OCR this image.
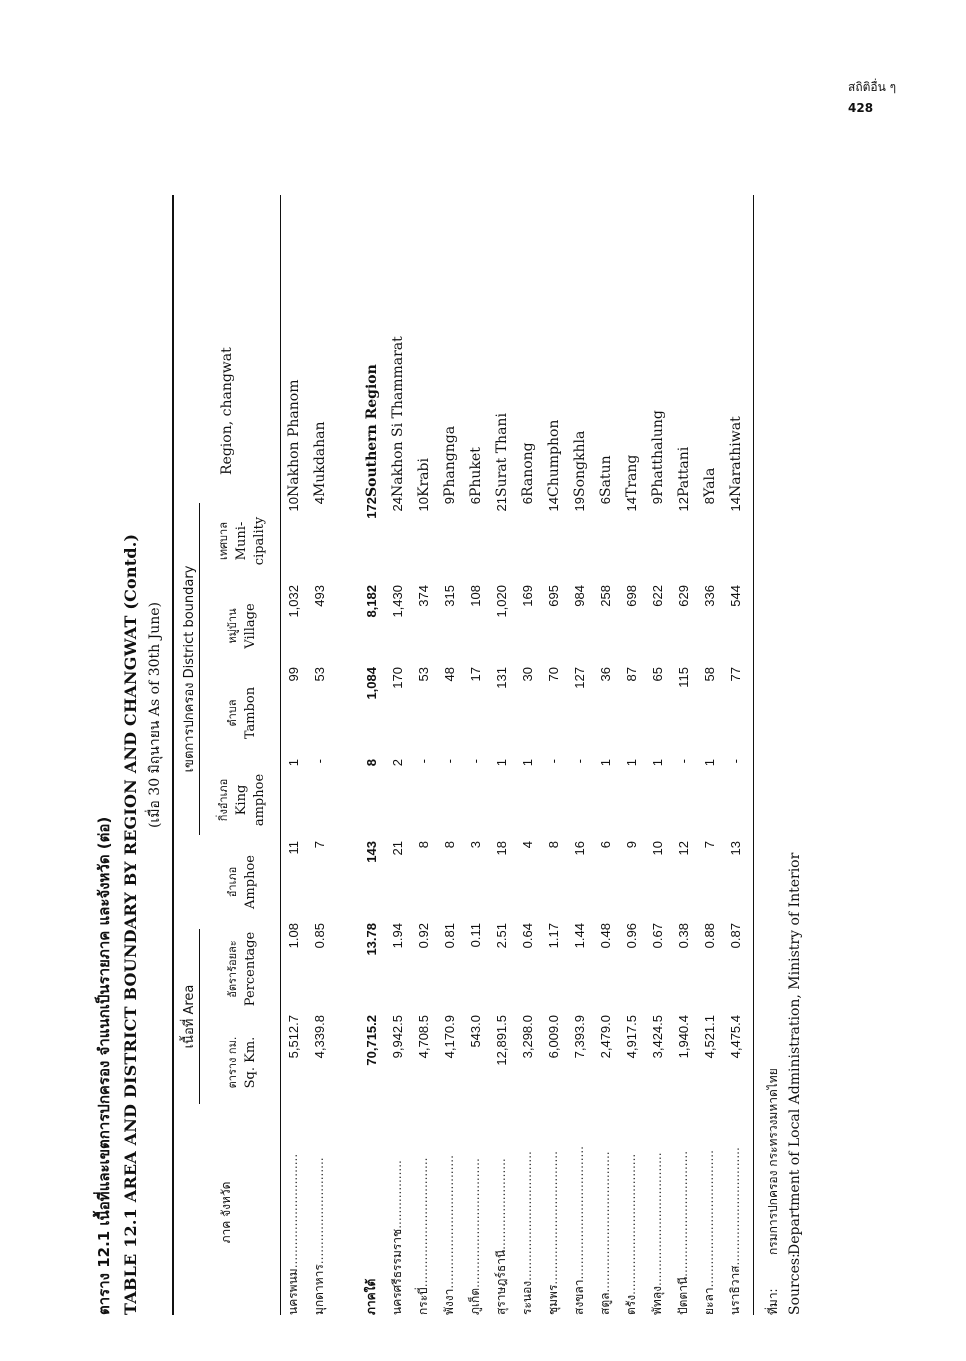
สถิติอื่น ๆ
428
ตาราง 12.1 เนื้อที่และเขตการปกครอง จำแนกเป็นรายภาค และจังหวัด (ต่อ) TABLE 12.1 AREA AND DISTRICT BOUNDARY BY REGION AND CHANGWAT (Contd.) (เมื่อ 30 มิถุนายน As of 30th June)
ภาค จังหวัด	เนื้อที่ Area			เขตการปกครอง District boundary				Region, changwat

	ตาราง กม. Sq. Km.	อัตราร้อยละ Percentage	อำเภอ Amphoe	กิ่งอำเภอ King amphoe	ตำบล Tambon	หมู่บ้าน Village	เทศบาล Muni- cipality	

นครพนม..............................	5,512.7	1.08	11	1	99	1,032	10	Nakhon Phanom
มุกดาหาร............................	4,339.8	0.85	7	-	53	493	4	Mukdahan

ภาคใต้	70,715.2	13.78	143	8	1,084	8,182	172	Southern Region
นครศรีธรรมราช..................	9,942.5	1.94	21	2	170	1,430	24	Nakhon Si Thammarat
กระบี่..................................	4,708.5	0.92	8	-	53	374	10	Krabi
พังงา...................................	4,170.9	0.81	8	-	48	315	9	Phangnga
ภูเก็ต..................................	543.0	0.11	3	-	17	108	6	Phuket
สุราษฎร์ธานี........................	12,891.5	2.51	18	1	131	1,020	21	Surat Thani
ระนอง..................................	3,298.0	0.64	4	1	30	169	6	Ranong
ชุมพร...................................	6,009.0	1.17	8	-	70	695	14	Chumphon
สงขลา...................................	7,393.9	1.44	16	-	127	984	19	Songkhla
สตูล.....................................	2,479.0	0.48	6	1	36	258	6	Satun
ตรัง.....................................	4,917.5	0.96	9	1	87	698	14	Trang
พัทลุง...................................	3,424.5	0.67	10	1	65	622	9	Phatthalung
ปัตตานี.................................	1,940.4	0.38	12	-	115	629	12	Pattani
ยะลา....................................	4,521.1	0.88	7	1	58	336	8	Yala
นราธิวาส...............................	4,475.4	0.87	13	-	77	544	14	Narathiwat
ที่มา:กรมการปกครอง กระทรวงมหาดไทย
Sources:Department of Local Administration, Ministry of Interior
